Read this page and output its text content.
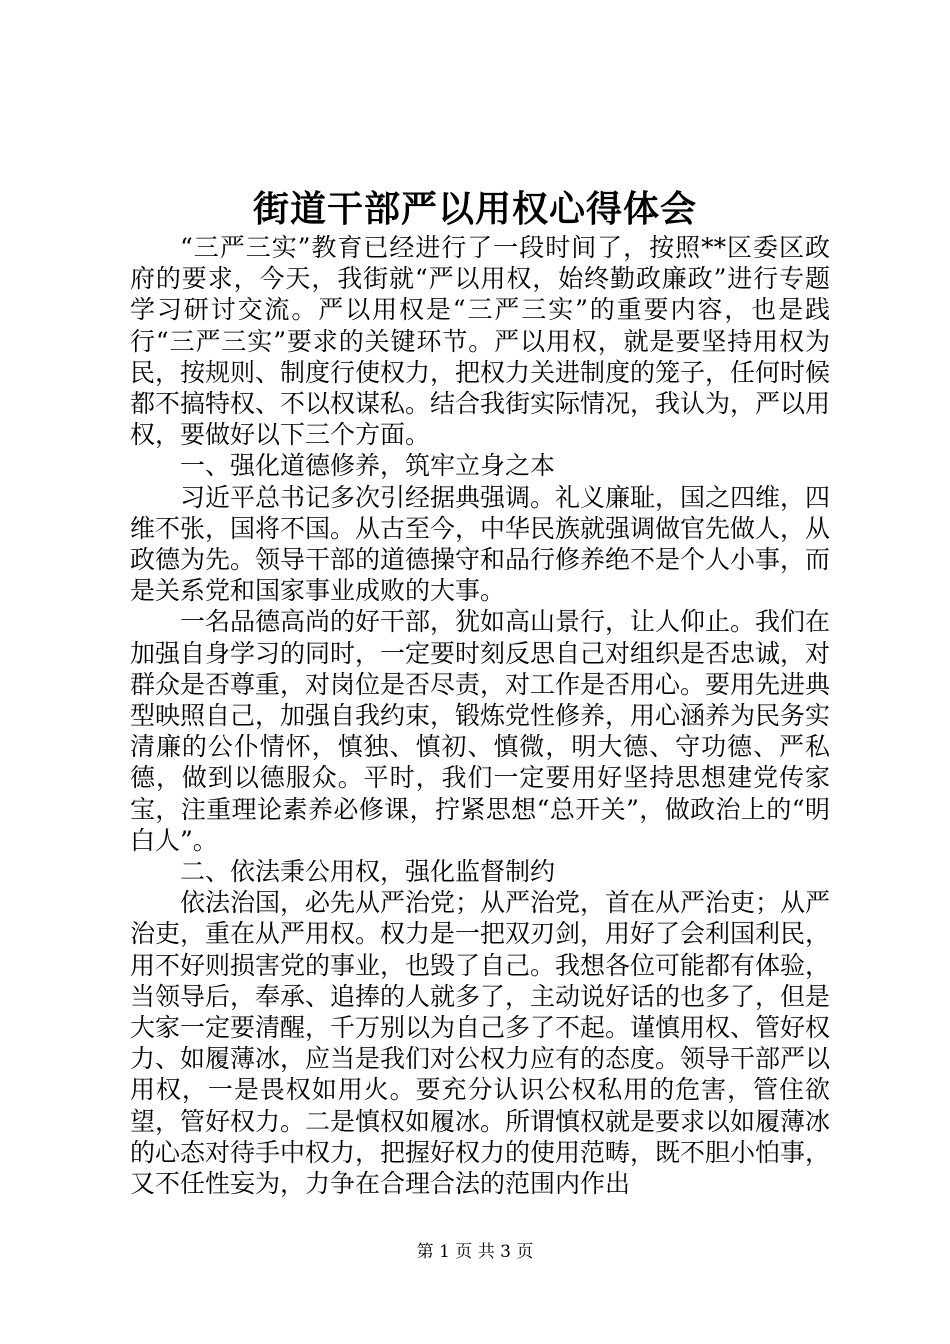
街道干部严以用权心得体会

“三严三实”教育已经进行了一段时间了，按照**区委区政府的要求，今天，我街就“严以用权，始终勤政廉政”进行专题学习研讨交流。严以用权是“三严三实”的重要内容，也是践行“三严三实”要求的关键环节。严以用权，就是要坚持用权为民，按规则、制度行使权力，把权力关进制度的笼子，任何时候都不搞特权、不以权谋私。结合我街实际情况，我认为，严以用权，要做好以下三个方面。

一、强化道德修养，筑牢立身之本

习近平总书记多次引经据典强调。礼义廉耻，国之四维，四维不张，国将不国。从古至今，中华民族就强调做官先做人，从政德为先。领导干部的道德操守和品行修养绝不是个人小事，而是关系党和国家事业成败的大事。

一名品德高尚的好干部，犹如高山景行，让人仰止。我们在加强自身学习的同时，一定要时刻反思自己对组织是否忠诚，对群众是否尊重，对岗位是否尽责，对工作是否用心。要用先进典型映照自己，加强自我约束，锻炼党性修养，用心涵养为民务实清廉的公仆情怀，慎独、慎初、慎微，明大德、守功德、严私德，做到以德服众。平时，我们一定要用好坚持思想建党传家宝，注重理论素养必修课，拧紧思想“总开关”，做政治上的“明白人”。

二、依法秉公用权，强化监督制约

依法治国，必先从严治党；从严治党，首在从严治吏；从严治吏，重在从严用权。权力是一把双刃剑，用好了会利国利民，用不好则损害党的事业，也毁了自己。我想各位可能都有体验，当领导后，奉承、追捧的人就多了，主动说好话的也多了，但是大家一定要清醒，千万别以为自己多了不起。谨慎用权、管好权力、如履薄冰，应当是我们对公权力应有的态度。领导干部严以用权，一是畏权如用火。要充分认识公权私用的危害，管住欲望，管好权力。二是慎权如履冰。所谓慎权就是要求以如履薄冰的心态对待手中权力，把握好权力的使用范畴，既不胆小怕事，又不任性妄为，力争在合理合法的范围内作出

第 1 页 共 3 页
